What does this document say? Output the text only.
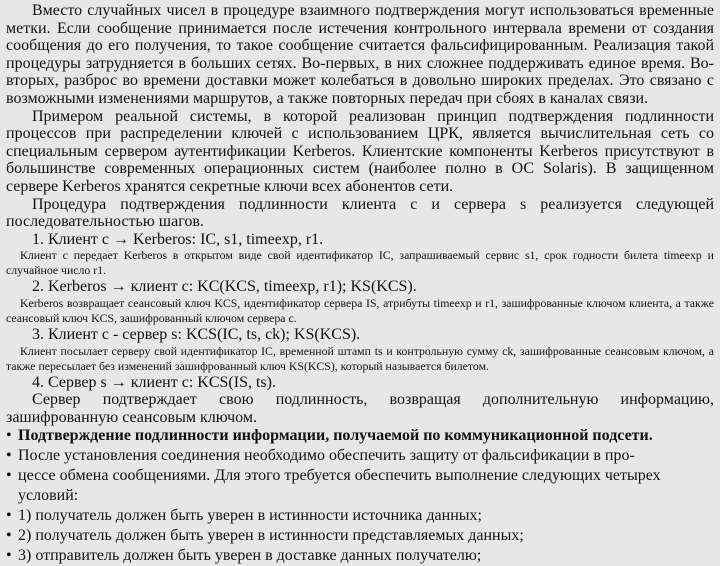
Вместо случайных чисел в процедуре взаимного подтверждения могут использоваться временные метки. Если сообщение принимается после истечения контрольного интервала времени от создания сообщения до его получения, то такое сообщение считается фальсифицированным. Реализация такой процедуры затрудняется в больших сетях. Во-первых, в них сложнее поддерживать единое время. Во-вторых, разброс во времени доставки может колебаться в довольно широких пределах. Это связано с возможными изменениями маршрутов, а также повторных передач при сбоях в каналах связи.

Примером реальной системы, в которой реализован принцип подтверждения подлинности процессов при распределении ключей с использованием ЦРК, является вычислительная сеть со специальным сервером аутентификации Kerberos. Клиентские компоненты Kerberos присутствуют в большинстве современных операционных систем (наиболее полно в ОС Solaris). В защищенном сервере Kerberos хранятся секретные ключи всех абонентов сети.

Процедура подтверждения подлинности клиента c и сервера s реализуется следующей последовательностью шагов.

1. Клиент c → Kerberos: IC, s1, timeexp, r1.

Клиент c передает Kerberos в открытом виде свой идентификатор IC, запрашиваемый сервис s1, срок годности билета timeexp и случайное число r1.

2. Kerberos → клиент c: KC(KCS, timeexp, r1); KS(KCS).

Kerberos возвращает сеансовый ключ KCS, идентификатор сервера IS, атрибуты timeexp и r1, зашифрованные ключом клиента, а также сеансовый ключ KCS, зашифрованный ключом сервера c.

3. Клиент c - сервер s: KCS(IC, ts, ck); KS(KCS).

Клиент посылает серверу свой идентификатор IC, временной штамп ts и контрольную сумму ck, зашифрованные сеансовым ключом, а также пересылает без изменений зашифрованный ключ KS(KCS), который называется билетом.

4. Сервер s → клиент c: KCS(IS, ts).

Сервер подтверждает свою подлинность, возвращая дополнительную информацию, зашифрованную сеансовым ключом.

• Подтверждение подлинности информации, получаемой по коммуникационной подсети.
• После установления соединения необходимо обеспечить защиту от фальсификации в про-
• цессе обмена сообщениями. Для этого требуется обеспечить выполнение следующих четырех условий:
• 1) получатель должен быть уверен в истинности источника данных;
• 2) получатель должен быть уверен в истинности представляемых данных;
• 3) отправитель должен быть уверен в доставке данных получателю;
